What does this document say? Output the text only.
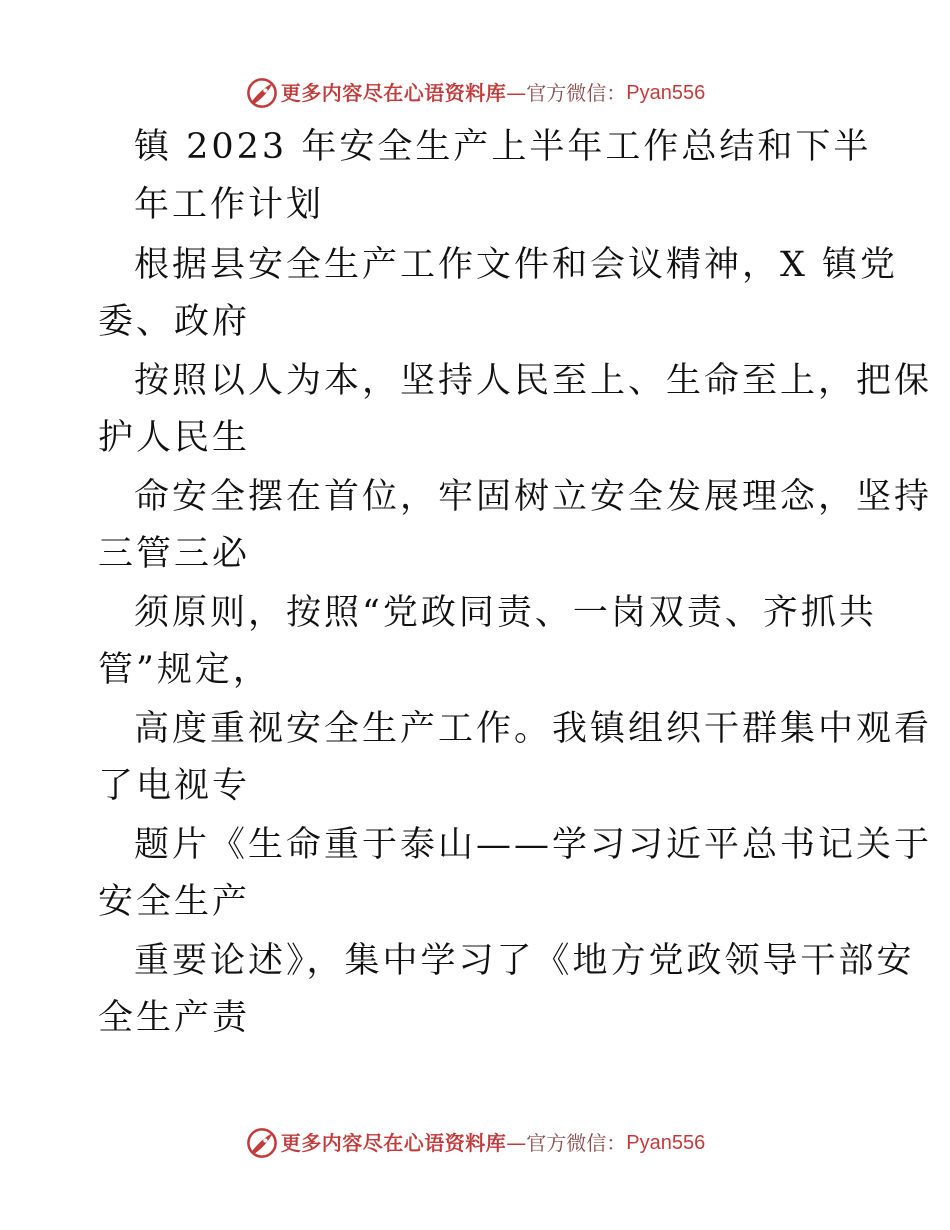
更多内容尽在心语资料库 — 官方微信： Pyan556
镇 2023 年安全生产上半年工作总结和下半
年工作计划
根据县安全生产工作文件和会议精神，X 镇党
委、政府
按照以人为本，坚持人民至上、生命至上，把保
护人民生
命安全摆在首位，牢固树立安全发展理念，坚持
三管三必
须原则，按照“党政同责、一岗双责、齐抓共
管”规定，
高度重视安全生产工作。我镇组织干群集中观看
了电视专
题片《生命重于泰山——学习习近平总书记关于
安全生产
重要论述》，集中学习了《地方党政领导干部安
全生产责
更多内容尽在心语资料库 — 官方微信： Pyan556
